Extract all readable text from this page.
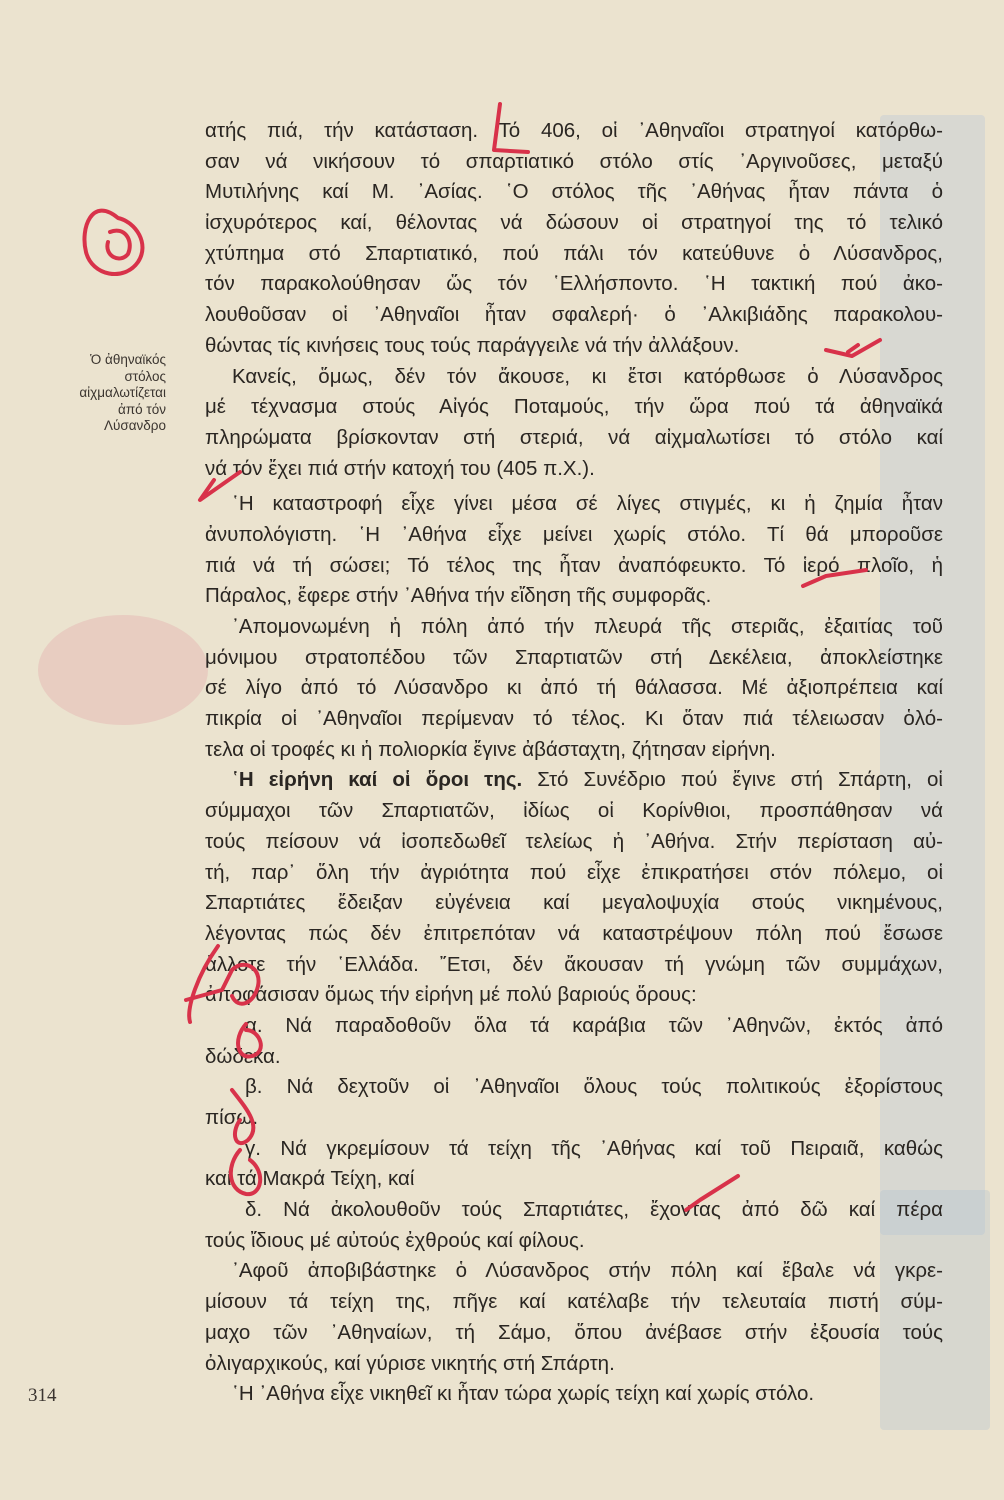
Ὁ ἀθηναϊκός
στόλος
αἰχμαλωτίζεται
ἀπό τόν
Λύσανδρο
ατής πιά, τήν κατάσταση. Τό 406, οἱ ᾿Αθηναῖοι στρατηγοί κατόρθω-
σαν νά νικήσουν τό σπαρτιατικό στόλο στίς ᾿Αργινοῦσες, μεταξύ
Μυτιλήνης καί Μ. ᾿Ασίας. ῾Ο στόλος τῆς ᾿Αθήνας ἦταν πάντα ὁ
ἰσχυρότερος καί, θέλοντας νά δώσουν οἱ στρατηγοί της τό τελικό
χτύπημα στό Σπαρτιατικό, πού πάλι τόν κατεύθυνε ὁ Λύσανδρος,
τόν παρακολούθησαν ὥς τόν ῾Ελλήσποντο. ῾Η τακτική πού ἀκο-
λουθοῦσαν οἱ ᾿Αθηναῖοι ἦταν σφαλερή· ὁ ᾿Αλκιβιάδης παρακολου-
θώντας τίς κινήσεις τους τούς παράγγειλε νά τήν ἀλλάξουν.
Κανείς, ὅμως, δέν τόν ἄκουσε, κι ἔτσι κατόρθωσε ὁ Λύσανδρος
μέ τέχνασμα στούς Αἰγός Ποταμούς, τήν ὥρα πού τά ἀθηναϊκά
πληρώματα βρίσκονταν στή στεριά, νά αἰχμαλωτίσει τό στόλο καί
νά τόν ἔχει πιά στήν κατοχή του (405 π.Χ.).
῾Η καταστροφή εἶχε γίνει μέσα σέ λίγες στιγμές, κι ἡ ζημία ἦταν
ἀνυπολόγιστη. ῾Η ᾿Αθήνα εἶχε μείνει χωρίς στόλο. Τί θά μποροῦσε
πιά νά τή σώσει; Τό τέλος της ἦταν ἀναπόφευκτο. Τό ἱερό πλοῖο, ἡ
Πάραλος, ἔφερε στήν ᾿Αθήνα τήν εἴδηση τῆς συμφορᾶς.
᾿Απομονωμένη ἡ πόλη ἀπό τήν πλευρά τῆς στεριᾶς, ἐξαιτίας τοῦ
μόνιμου στρατοπέδου τῶν Σπαρτιατῶν στή Δεκέλεια, ἀποκλείστηκε
σέ λίγο ἀπό τό Λύσανδρο κι ἀπό τή θάλασσα. Μέ ἀξιοπρέπεια καί
πικρία οἱ ᾿Αθηναῖοι περίμεναν τό τέλος. Κι ὅταν πιά τέλειωσαν ὁλό-
τελα οἱ τροφές κι ἡ πολιορκία ἔγινε ἀβάσταχτη, ζήτησαν εἰρήνη.
῾Η εἰρήνη καί οἱ ὅροι της. Στό Συνέδριο πού ἔγινε στή Σπάρτη, οἱ
σύμμαχοι τῶν Σπαρτιατῶν, ἰδίως οἱ Κορίνθιοι, προσπάθησαν νά
τούς πείσουν νά ἰσοπεδωθεῖ τελείως ἡ ᾿Αθήνα. Στήν περίσταση αὐ-
τή, παρ᾿ ὅλη τήν ἀγριότητα πού εἶχε ἐπικρατήσει στόν πόλεμο, οἱ
Σπαρτιάτες ἔδειξαν εὐγένεια καί μεγαλοψυχία στούς νικημένους,
λέγοντας πώς δέν ἐπιτρεπόταν νά καταστρέψουν πόλη πού ἔσωσε
ἄλλοτε τήν ῾Ελλάδα. ῎Ετσι, δέν ἄκουσαν τή γνώμη τῶν συμμάχων,
ἀποφάσισαν ὅμως τήν εἰρήνη μέ πολύ βαριούς ὅρους:
α. Νά παραδοθοῦν ὅλα τά καράβια τῶν ᾿Αθηνῶν, ἐκτός ἀπό
δώδεκα.
β. Νά δεχτοῦν οἱ ᾿Αθηναῖοι ὅλους τούς πολιτικούς ἐξορίστους
πίσω.
γ. Νά γκρεμίσουν τά τείχη τῆς ᾿Αθήνας καί τοῦ Πειραιᾶ, καθώς
καί τά Μακρά Τείχη, καί
δ. Νά ἀκολουθοῦν τούς Σπαρτιάτες, ἔχοντας ἀπό δῶ καί πέρα
τούς ἴδιους μέ αὐτούς ἐχθρούς καί φίλους.
᾿Αφοῦ ἀποβιβάστηκε ὁ Λύσανδρος στήν πόλη καί ἔβαλε νά γκρε-
μίσουν τά τείχη της, πῆγε καί κατέλαβε τήν τελευταία πιστή σύμ-
μαχο τῶν ᾿Αθηναίων, τή Σάμο, ὅπου ἀνέβασε στήν ἐξουσία τούς
ὀλιγαρχικούς, καί γύρισε νικητής στή Σπάρτη.
῾Η ᾿Αθήνα εἶχε νικηθεῖ κι ἦταν τώρα χωρίς τείχη καί χωρίς στόλο.
314
